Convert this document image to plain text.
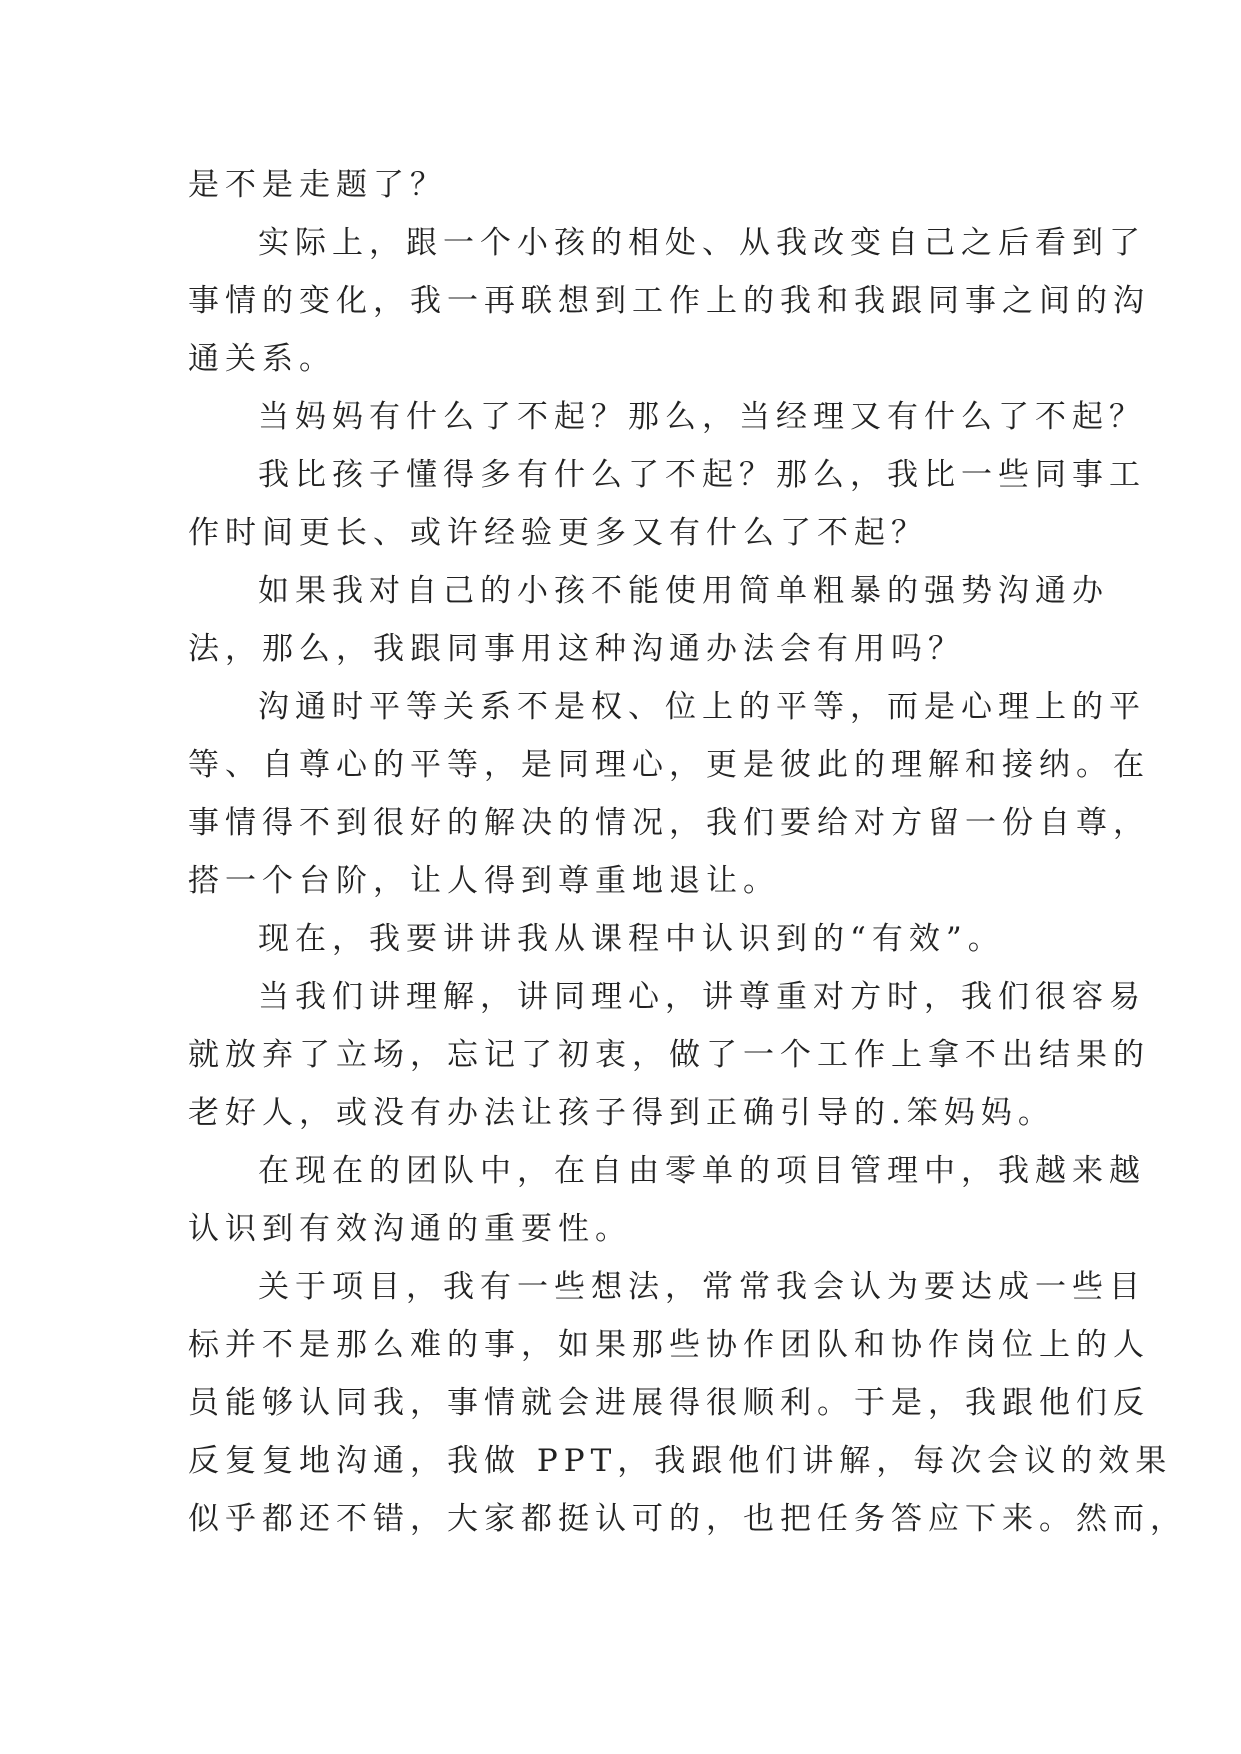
是不是走题了？
实际上，跟一个小孩的相处、从我改变自己之后看到了
事情的变化，我一再联想到工作上的我和我跟同事之间的沟
通关系。
当妈妈有什么了不起？那么，当经理又有什么了不起？
我比孩子懂得多有什么了不起？那么，我比一些同事工
作时间更长、或许经验更多又有什么了不起？
如果我对自己的小孩不能使用简单粗暴的强势沟通办
法，那么，我跟同事用这种沟通办法会有用吗？
沟通时平等关系不是权、位上的平等，而是心理上的平
等、自尊心的平等，是同理心，更是彼此的理解和接纳。在
事情得不到很好的解决的情况，我们要给对方留一份自尊，
搭一个台阶，让人得到尊重地退让。
现在，我要讲讲我从课程中认识到的“有效”。
当我们讲理解，讲同理心，讲尊重对方时，我们很容易
就放弃了立场，忘记了初衷，做了一个工作上拿不出结果的
老好人，或没有办法让孩子得到正确引导的.笨妈妈。
在现在的团队中，在自由零单的项目管理中，我越来越
认识到有效沟通的重要性。
关于项目，我有一些想法，常常我会认为要达成一些目
标并不是那么难的事，如果那些协作团队和协作岗位上的人
员能够认同我，事情就会进展得很顺利。于是，我跟他们反
反复复地沟通，我做 PPT，我跟他们讲解，每次会议的效果
似乎都还不错，大家都挺认可的，也把任务答应下来。然而，
